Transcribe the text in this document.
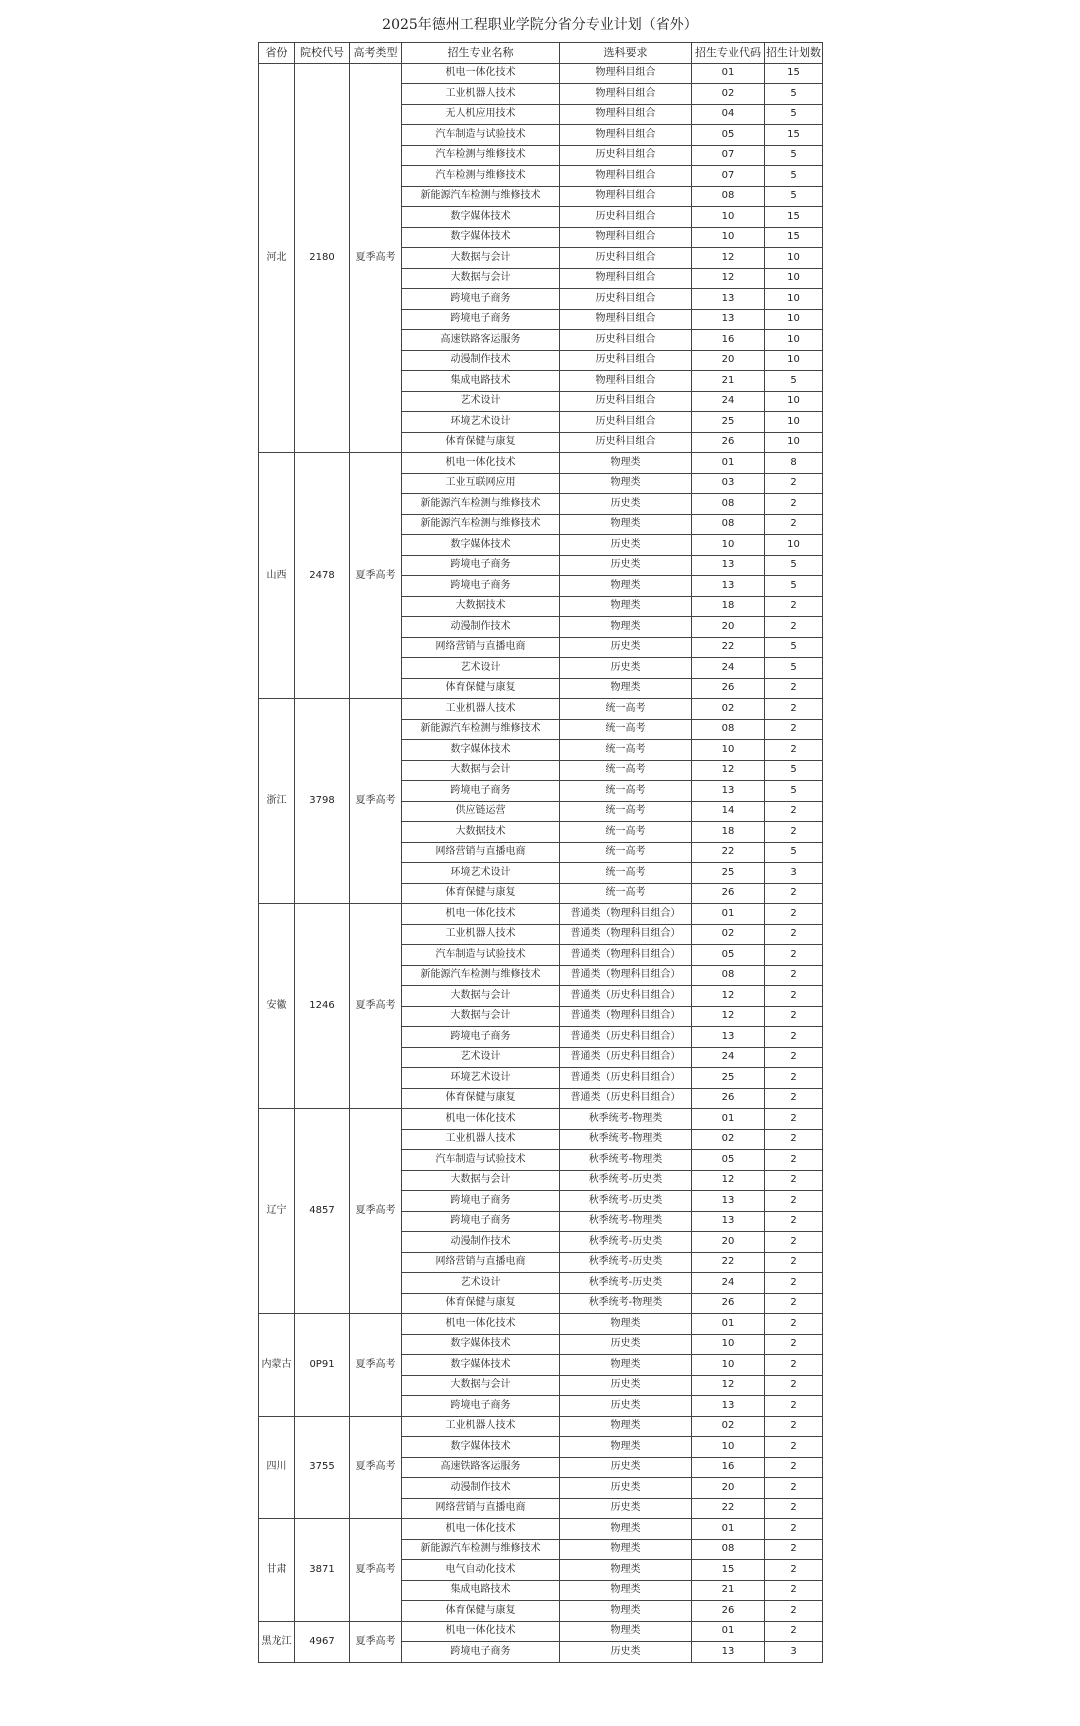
2025年德州工程职业学院分省分专业计划（省外）
省份	院校代号	高考类型	招生专业名称	选科要求	招生专业代码	招生计划数
河北	2180	夏季高考	机电一体化技术	物理科目组合	01	15
			工业机器人技术	物理科目组合	02	5
			无人机应用技术	物理科目组合	04	5
			汽车制造与试验技术	物理科目组合	05	15
			汽车检测与维修技术	历史科目组合	07	5
			汽车检测与维修技术	物理科目组合	07	5
			新能源汽车检测与维修技术	物理科目组合	08	5
			数字媒体技术	历史科目组合	10	15
			数字媒体技术	物理科目组合	10	15
			大数据与会计	历史科目组合	12	10
			大数据与会计	物理科目组合	12	10
			跨境电子商务	历史科目组合	13	10
			跨境电子商务	物理科目组合	13	10
			高速铁路客运服务	历史科目组合	16	10
			动漫制作技术	历史科目组合	20	10
			集成电路技术	物理科目组合	21	5
			艺术设计	历史科目组合	24	10
			环境艺术设计	历史科目组合	25	10
			体育保健与康复	历史科目组合	26	10
山西	2478	夏季高考	机电一体化技术	物理类	01	8
			工业互联网应用	物理类	03	2
			新能源汽车检测与维修技术	历史类	08	2
			新能源汽车检测与维修技术	物理类	08	2
			数字媒体技术	历史类	10	10
			跨境电子商务	历史类	13	5
			跨境电子商务	物理类	13	5
			大数据技术	物理类	18	2
			动漫制作技术	物理类	20	2
			网络营销与直播电商	历史类	22	5
			艺术设计	历史类	24	5
			体育保健与康复	物理类	26	2
浙江	3798	夏季高考	工业机器人技术	统一高考	02	2
			新能源汽车检测与维修技术	统一高考	08	2
			数字媒体技术	统一高考	10	2
			大数据与会计	统一高考	12	5
			跨境电子商务	统一高考	13	5
			供应链运营	统一高考	14	2
			大数据技术	统一高考	18	2
			网络营销与直播电商	统一高考	22	5
			环境艺术设计	统一高考	25	3
			体育保健与康复	统一高考	26	2
安徽	1246	夏季高考	机电一体化技术	普通类（物理科目组合）	01	2
			工业机器人技术	普通类（物理科目组合）	02	2
			汽车制造与试验技术	普通类（物理科目组合）	05	2
			新能源汽车检测与维修技术	普通类（物理科目组合）	08	2
			大数据与会计	普通类（历史科目组合）	12	2
			大数据与会计	普通类（物理科目组合）	12	2
			跨境电子商务	普通类（历史科目组合）	13	2
			艺术设计	普通类（历史科目组合）	24	2
			环境艺术设计	普通类（历史科目组合）	25	2
			体育保健与康复	普通类（历史科目组合）	26	2
辽宁	4857	夏季高考	机电一体化技术	秋季统考-物理类	01	2
			工业机器人技术	秋季统考-物理类	02	2
			汽车制造与试验技术	秋季统考-物理类	05	2
			大数据与会计	秋季统考-历史类	12	2
			跨境电子商务	秋季统考-历史类	13	2
			跨境电子商务	秋季统考-物理类	13	2
			动漫制作技术	秋季统考-历史类	20	2
			网络营销与直播电商	秋季统考-历史类	22	2
			艺术设计	秋季统考-历史类	24	2
			体育保健与康复	秋季统考-物理类	26	2
内蒙古	0P91	夏季高考	机电一体化技术	物理类	01	2
			数字媒体技术	历史类	10	2
			数字媒体技术	物理类	10	2
			大数据与会计	历史类	12	2
			跨境电子商务	历史类	13	2
四川	3755	夏季高考	工业机器人技术	物理类	02	2
			数字媒体技术	物理类	10	2
			高速铁路客运服务	历史类	16	2
			动漫制作技术	历史类	20	2
			网络营销与直播电商	历史类	22	2
甘肃	3871	夏季高考	机电一体化技术	物理类	01	2
			新能源汽车检测与维修技术	物理类	08	2
			电气自动化技术	物理类	15	2
			集成电路技术	物理类	21	2
			体育保健与康复	物理类	26	2
黑龙江	4967	夏季高考	机电一体化技术	物理类	01	2
			跨境电子商务	历史类	13	3
